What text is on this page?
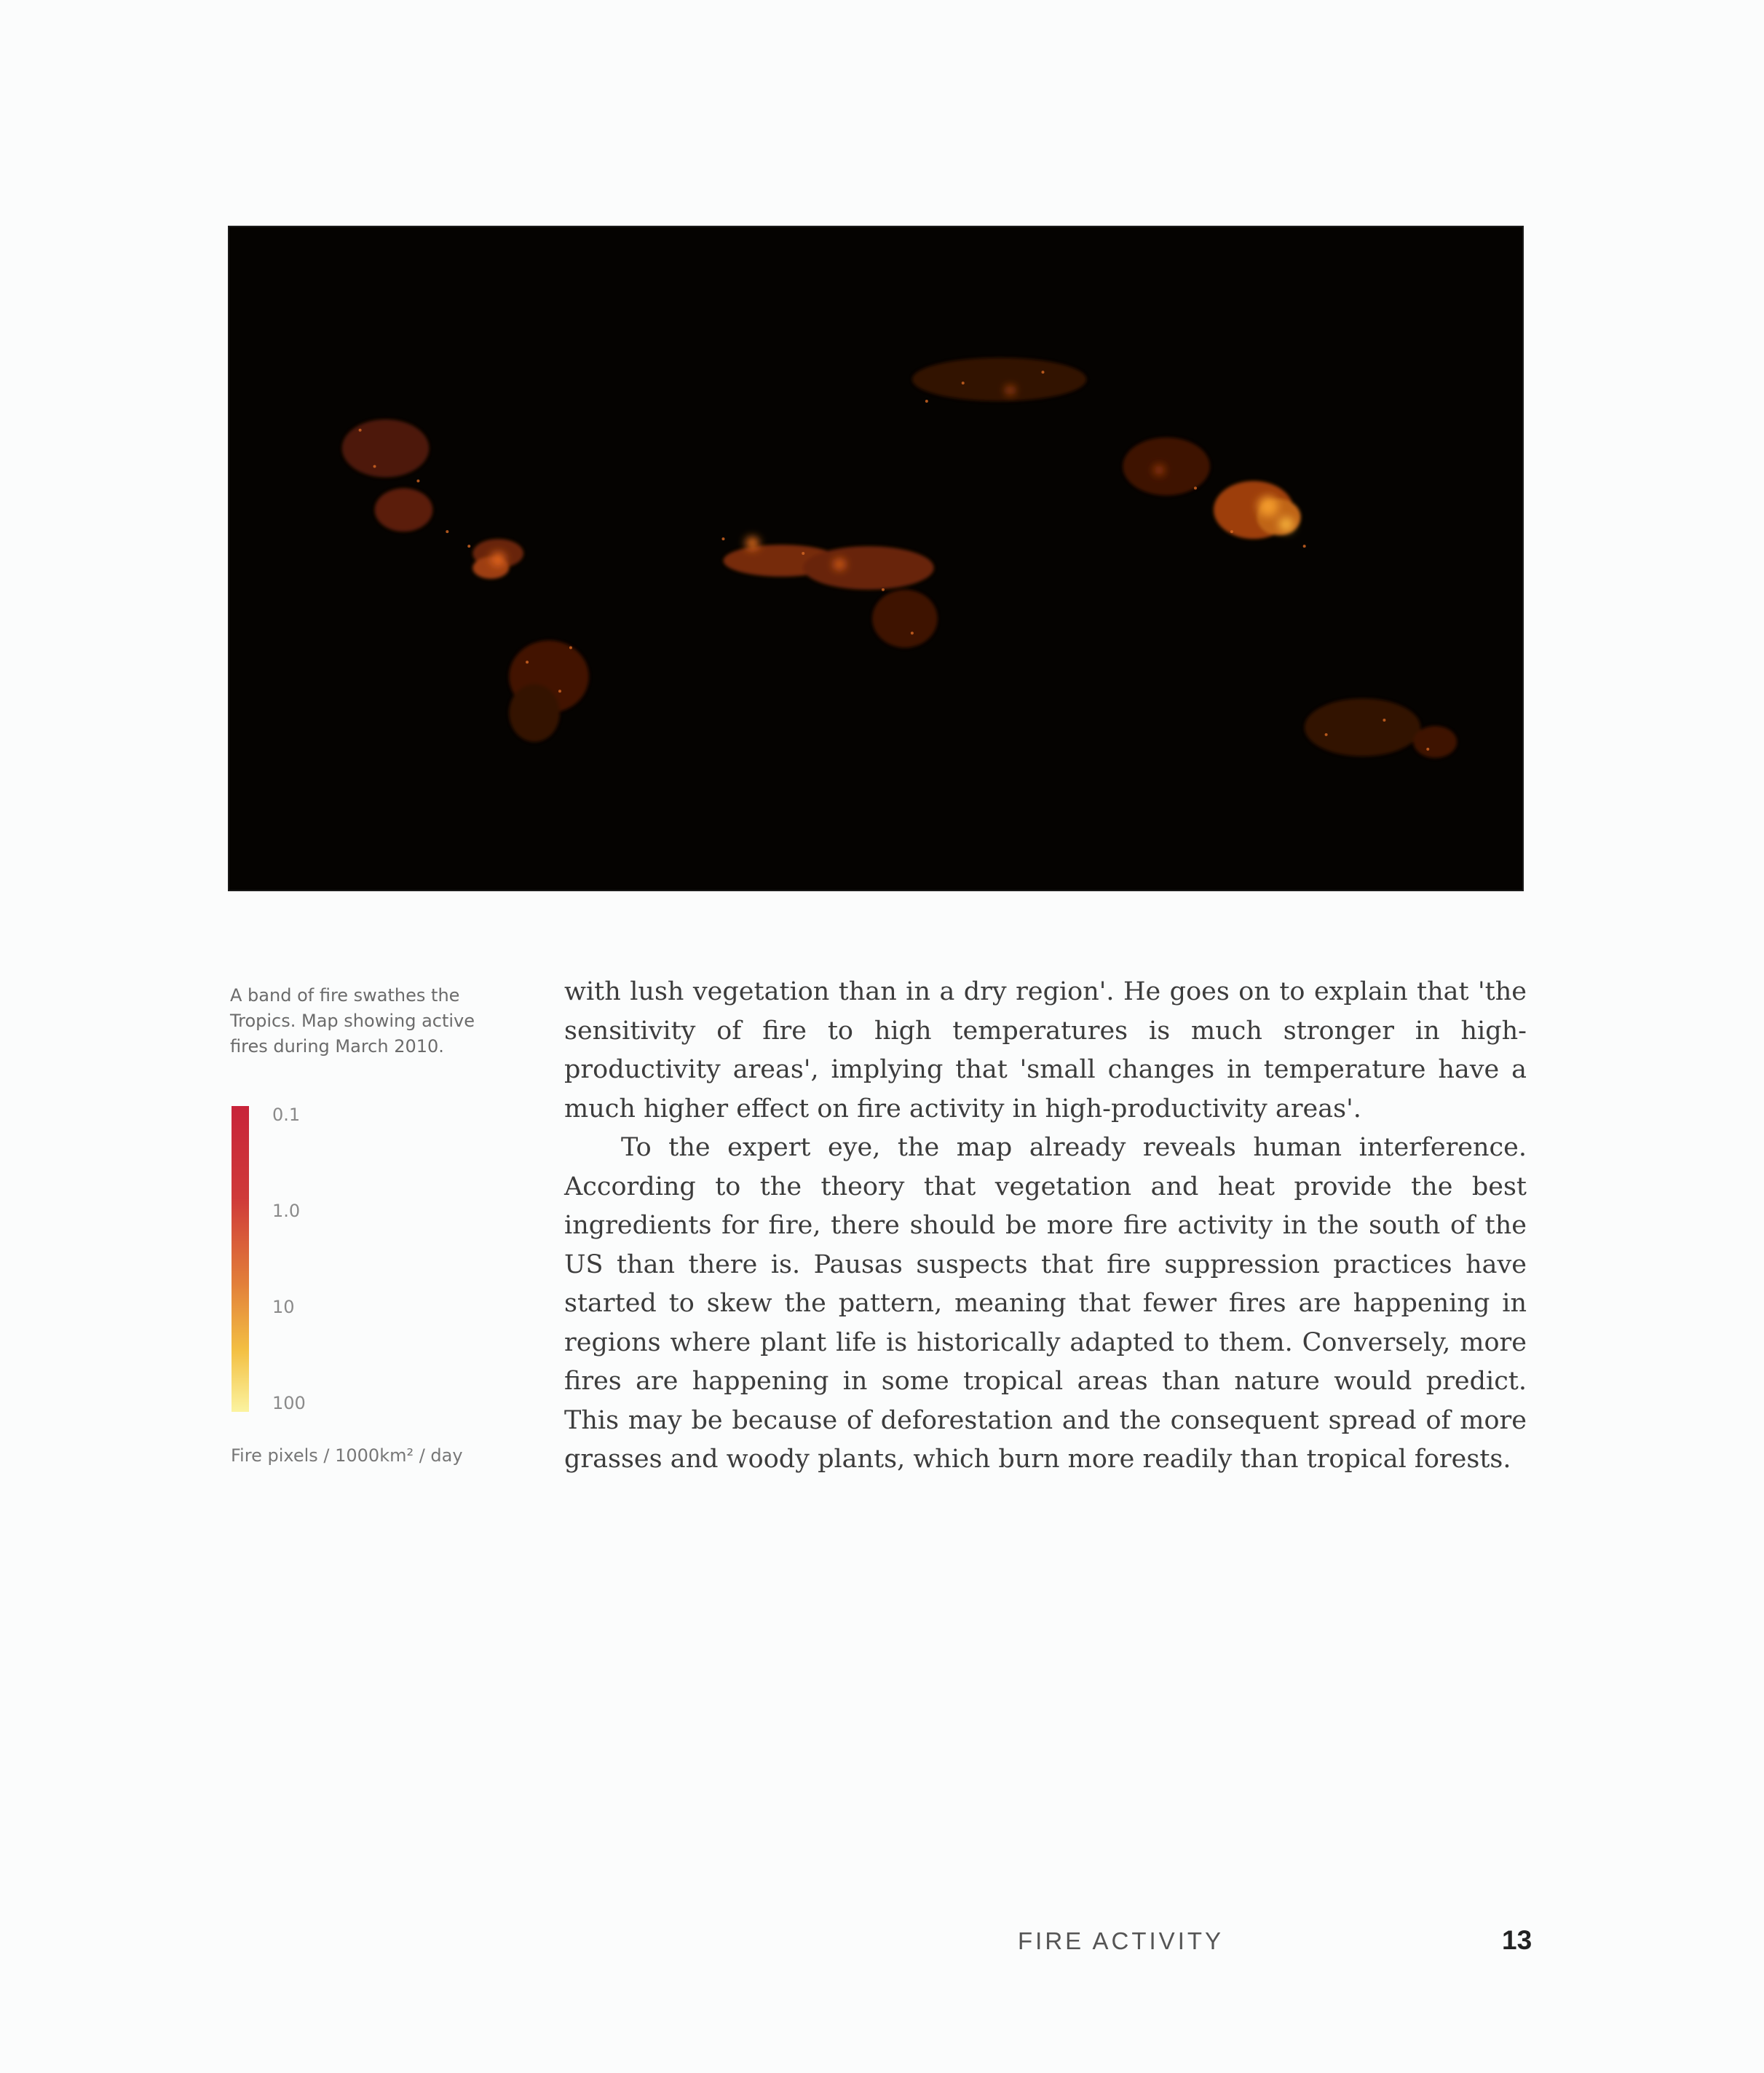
A band of fire swathes the Tropics. Map showing active fires during March 2010.
0.1
1.0
10
100
Fire pixels / 1000km² / day

with lush vegetation than in a dry region'. He goes on to explain that 'the sensitivity of fire to high temperatures is much stronger in high-productivity areas', implying that 'small changes in temperature have a much higher effect on fire activity in high-productivity areas'.

To the expert eye, the map already reveals human interference. According to the theory that vegetation and heat provide the best ingredients for fire, there should be more fire activity in the south of the US than there is. Pausas suspects that fire suppression practices have started to skew the pattern, meaning that fewer fires are happening in regions where plant life is historically adapted to them. Conversely, more fires are happening in some tropical areas than nature would predict. This may be because of deforestation and the consequent spread of more grasses and woody plants, which burn more readily than tropical forests.

FIRE ACTIVITY	13
